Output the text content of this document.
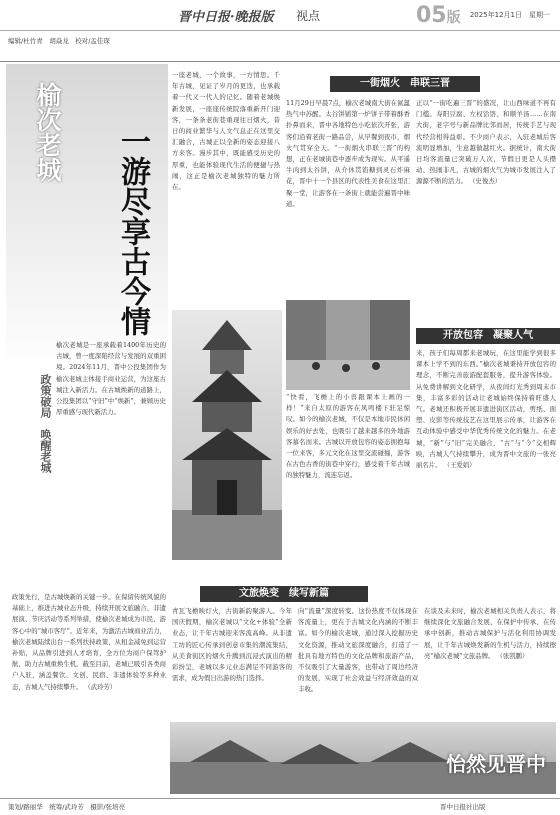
晋中日报·晚报版 视点	05版 2025年12月1日　星期一
编辑/杜竹青　胡焱龙　校对/孟佳琛
榆次老城	一游尽享古今情
政策破局　唤醒老城
榆次老城是一座承载着1400年历史的古城，曾一度深陷经营与发展的双重困境。2024年11月，晋中公投集团作为榆次老城主体接手商业运营，为这座古城注入新活力。在古城焕新的道路上，公投集团以“守旧”中“焕新”，兼顾历史厚重感与现代新活力。
政策先行，是古城焕新的关键一步。在保留传统风貌的基础上，推进古城业态升级，持续开展文旅融合、非遗展演、节庆活动等系列举措，使榆次老城成为市民、游客心中的“城市客厅”。近年来，为激活古城商业活力，榆次老城陆续出台一系列扶持政策，从租金减免到运营补贴，从品牌引进到人才培育，全方位为商户保驾护航，助力古城重焕生机。截至目前，老城已吸引各类商户入驻，涵盖餐饮、文创、民宿、非遗体验等多种业态，古城人气持续攀升。 （武玲芳）
一座老城，一个故事，一方情思。千年古城，见证了岁月的更迭，也承载着一代又一代人的记忆。随着老城焕新发展，一座座传统院落重新开门迎客，一条条老街巷重现往日烟火，昔日的商业繁华与人文气息正在这里交汇融合，古城正以全新的姿态迎接八方来客。漫步其中，既能感受历史的厚重，也能体验现代生活的便捷与热闹，这正是榆次老城独特的魅力所在。
一街烟火　串联三晋
11月29日早晨7点，榆次老城南大街在氤氲热气中苏醒。太谷饼铺第一炉饼子带着酥香扑鼻而来，晋中各地特色小吃依次开张，游客们沿着老街一路品尝，从早餐到夜市，烟火气贯穿全天。“一街烟火串联三晋”的构想，正在老城街巷中逐步成为现实。从平遥牛肉到太谷饼，从介休贯馅糖到灵石炸麻花，晋中十一个县区的代表性美食在这里汇聚一堂，让游客在一条街上就能尝遍晋中味道。
正以“一街吃遍三晋”的盛况，让山西味道不再有门槛。寿阳豆腐、左权饸饹、和顺羊汤……在南大街，老字号与新品牌比邻而居，传统手艺与现代经营相得益彰。不少商户表示，入驻老城后客流明显增加，生意越做越红火。据统计，南大街日均客流量已突破万人次，节假日更是人头攒动、热闹非凡，古城的烟火气为城市发展注入了源源不断的活力。 （史俊杰）
“快看，飞檐上的小兽跟课本上画的一样！”来自太原的游客在凤鸣楼下驻足惊叹。如今的榆次老城，不仅是本地市民休闲娱乐的好去处，也吸引了越来越多的外地游客慕名而来。古城以开放包容的姿态拥抱每一位来客，多元文化在这里交流碰撞，游客在古色古香的街巷中穿行，感受着千年古城的独特魅力，流连忘返。
开放包容　凝聚人气
来，孩子们每周都来老城玩，在这里能学到很多课本上学不到的东西。”榆次老城秉持开放包容的理念，不断完善旅游配套服务，提升游客体验。从免费讲解到文化研学，从夜间灯光秀到周末市集，丰富多彩的活动让老城始终保持着旺盛人气。老城还积极开展非遗进街区活动，剪纸、面塑、皮影等传统技艺在这里展示传承，让游客在互动体验中感受中华优秀传统文化的魅力。在老城，“新”与“旧”完美融合，“古”与“今”交相辉映，古城人气持续攀升，成为晋中文旅的一张亮丽名片。 （王爱娟）
文旅焕变　续写新篇
青瓦飞檐映灯火，古街新韵聚游人。今年国庆假期，榆次老城以“文化+体验”全新业态，让千年古城迎来客流高峰。从非遗工坊的匠心传承到创意市集的潮流集结，从美食街区的烟火升腾到沉浸式演出的精彩纷呈，老城以多元业态满足不同游客的需求，成为假日出游的热门选择。
向“流量”深度转变。这份热度不仅体现在客流量上，更在于古城文化内涵的不断丰富。如今的榆次老城，通过深入挖掘历史文化资源，推动文旅深度融合，打造了一批具有地方特色的文化品牌和旅游产品，不仅吸引了大量游客，也带动了周边经济的发展，实现了社会效益与经济效益的双丰收。
在谈及未来时，榆次老城相关负责人表示，将继续深化文旅融合发展，在保护中传承、在传承中创新，推动古城保护与活化利用协调发展，让千年古城焕发新的生机与活力，持续擦亮“榆次老城”文旅品牌。 （张凯鹏）
怡然见晋中
策划/路丽华　统筹/武玲芳　摄影/张培亮	晋中日报社出版
